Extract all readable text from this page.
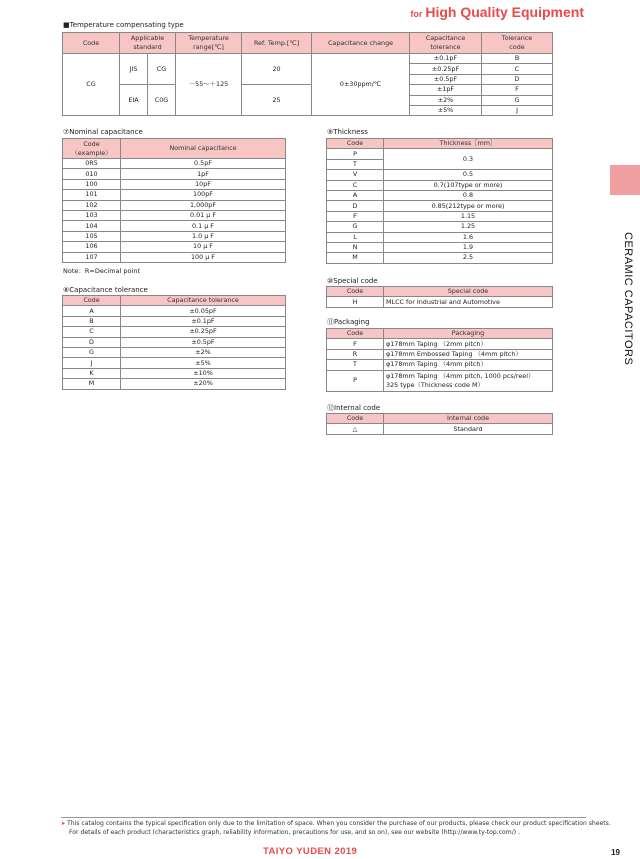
for High Quality Equipment
CERAMIC CAPACITORS
■Temperature compensating type
Code	Applicable
standard		Temperature
range[℃]	Ref. Temp.[℃]	Capacitance change	Capacitance
tolerance	Tolerance
code
CG	JIS	CG	－55～＋125	20	0±30ppm/℃	±0.1pF	B
						±0.25pF	C
						±0.5pF	D
	EIA	C0G		25		±1pF	F
						±2%	G
						±5%	J
⑦Nominal capacitance
Code
（example）	Nominal capacitance
0R5	0.5pF
010	1pF
100	10pF
101	100pF
102	1,000pF
103	0.01 μ F
104	0.1 μ F
105	1.0 μ F
106	10 μ F
107	100 μ F
Note：R=Decimal point
⑧Capacitance tolerance
Code	Capacitance tolerance
A	±0.05pF
B	±0.1pF
C	±0.25pF
D	±0.5pF
G	±2%
J	±5%
K	±10%
M	±20%
⑨Thickness
Code	Thickness［mm］
P	0.3
T	
V	0.5
C	0.7(107type or more)
A	0.8
D	0.85(212type or more)
F	1.15
G	1.25
L	1.6
N	1.9
M	2.5
⑩Special code
Code	Special code
H	MLCC for Industrial and Automotive
⑪Packaging
Code	Packaging
F	φ178mm Taping （2mm pitch）
R	φ178mm Embossed Taping （4mm pitch）
T	φ178mm Taping （4mm pitch）
P	φ178mm Taping （4mm pitch, 1000 pcs/reel）
325 type（Thickness code M）
⑫Internal code
Code	Internal code
△	Standard
▸ This catalog contains the typical specification only due to the limitation of space. When you consider the purchase of our products, please check our product specification sheets.
For details of each product (characteristics graph, reliability information, precautions for use, and so on), see our website (http://www.ty-top.com/) .
TAIYO YUDEN 2019	19
